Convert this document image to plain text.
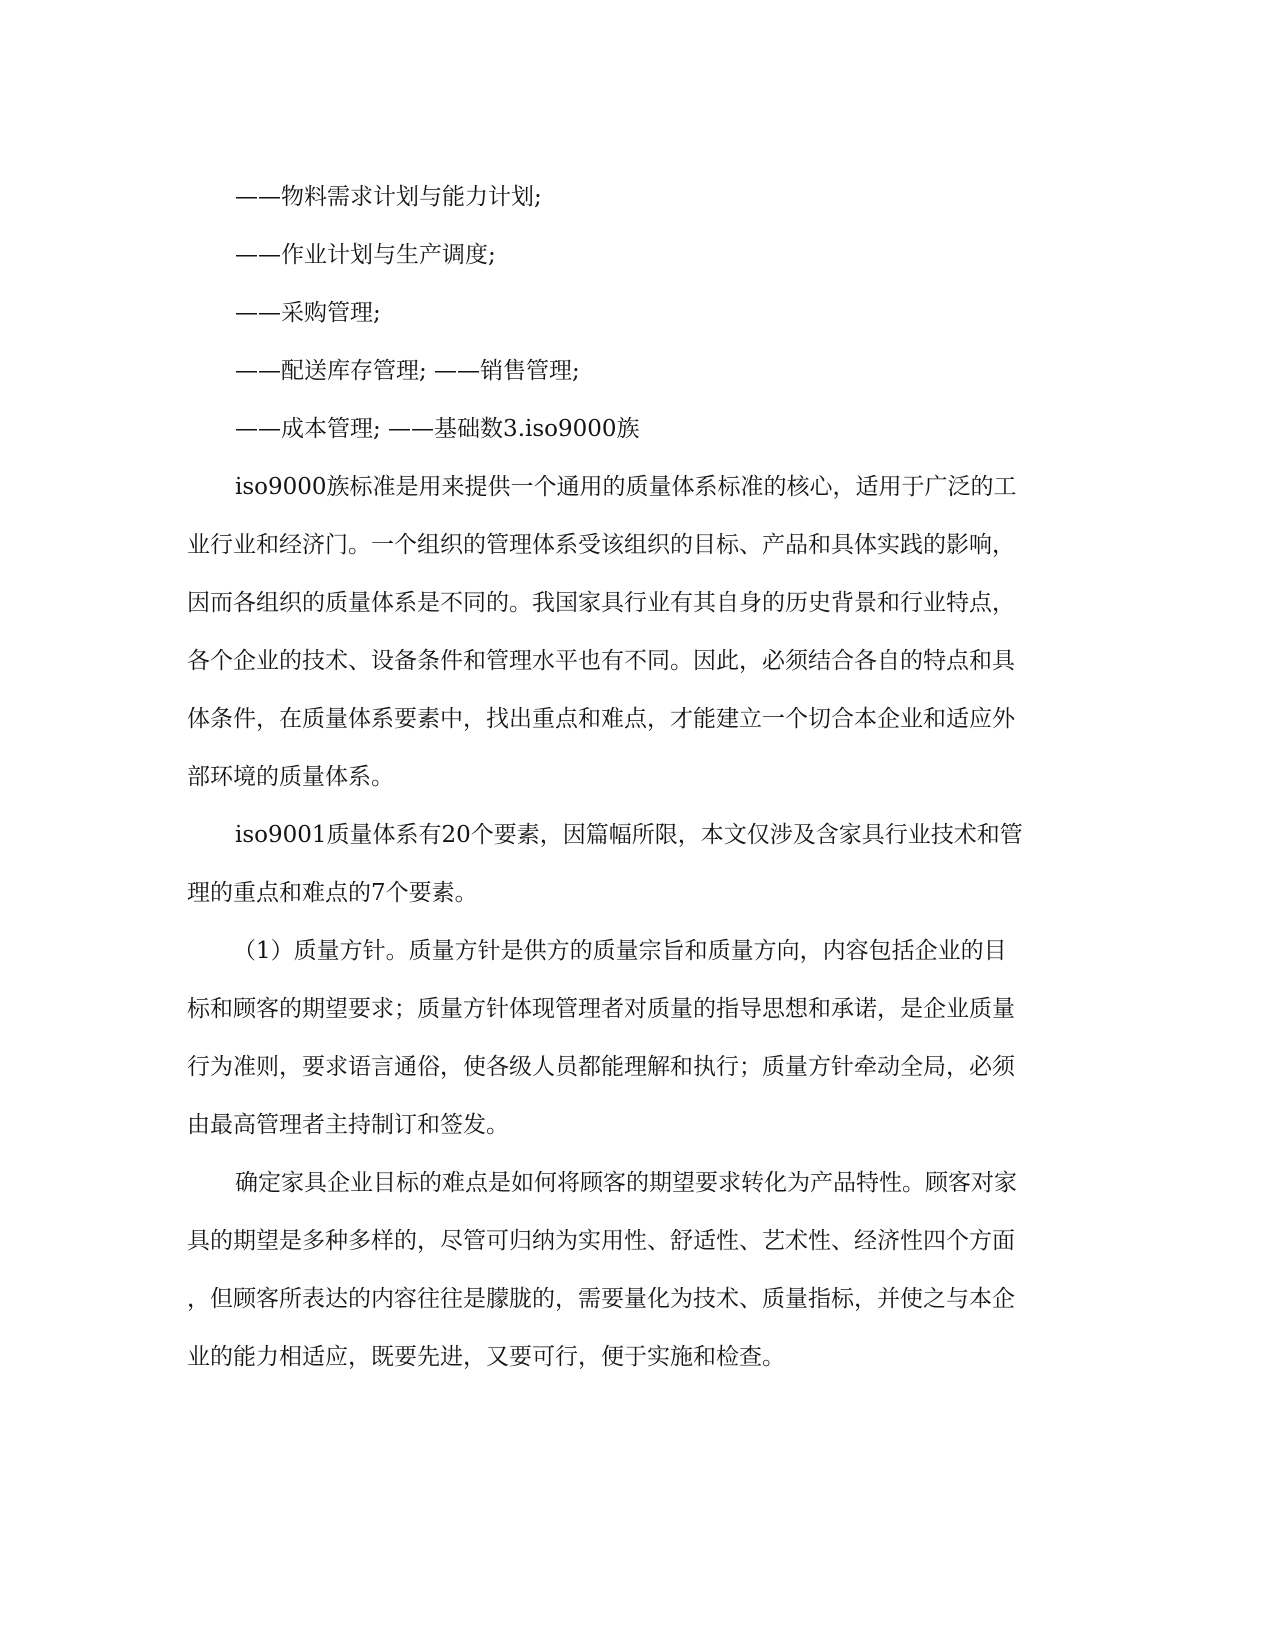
——物料需求计划与能力计划;
——作业计划与生产调度;
——采购管理;
——配送库存管理; ——销售管理;
——成本管理; ——基础数3.iso9000族
iso9000族标准是用来提供一个通用的质量体系标准的核心，适用于广泛的工
业行业和经济门。一个组织的管理体系受该组织的目标、产品和具体实践的影响，
因而各组织的质量体系是不同的。我国家具行业有其自身的历史背景和行业特点，
各个企业的技术、设备条件和管理水平也有不同。因此，必须结合各自的特点和具
体条件，在质量体系要素中，找出重点和难点，才能建立一个切合本企业和适应外
部环境的质量体系。
iso9001质量体系有20个要素，因篇幅所限，本文仅涉及含家具行业技术和管
理的重点和难点的7个要素。
（1）质量方针。质量方针是供方的质量宗旨和质量方向，内容包括企业的目
标和顾客的期望要求；质量方针体现管理者对质量的指导思想和承诺，是企业质量
行为准则，要求语言通俗，使各级人员都能理解和执行；质量方针牵动全局，必须
由最高管理者主持制订和签发。
确定家具企业目标的难点是如何将顾客的期望要求转化为产品特性。顾客对家
具的期望是多种多样的，尽管可归纳为实用性、舒适性、艺术性、经济性四个方面
，但顾客所表达的内容往往是朦胧的，需要量化为技术、质量指标，并使之与本企
业的能力相适应，既要先进，又要可行，便于实施和检查。
